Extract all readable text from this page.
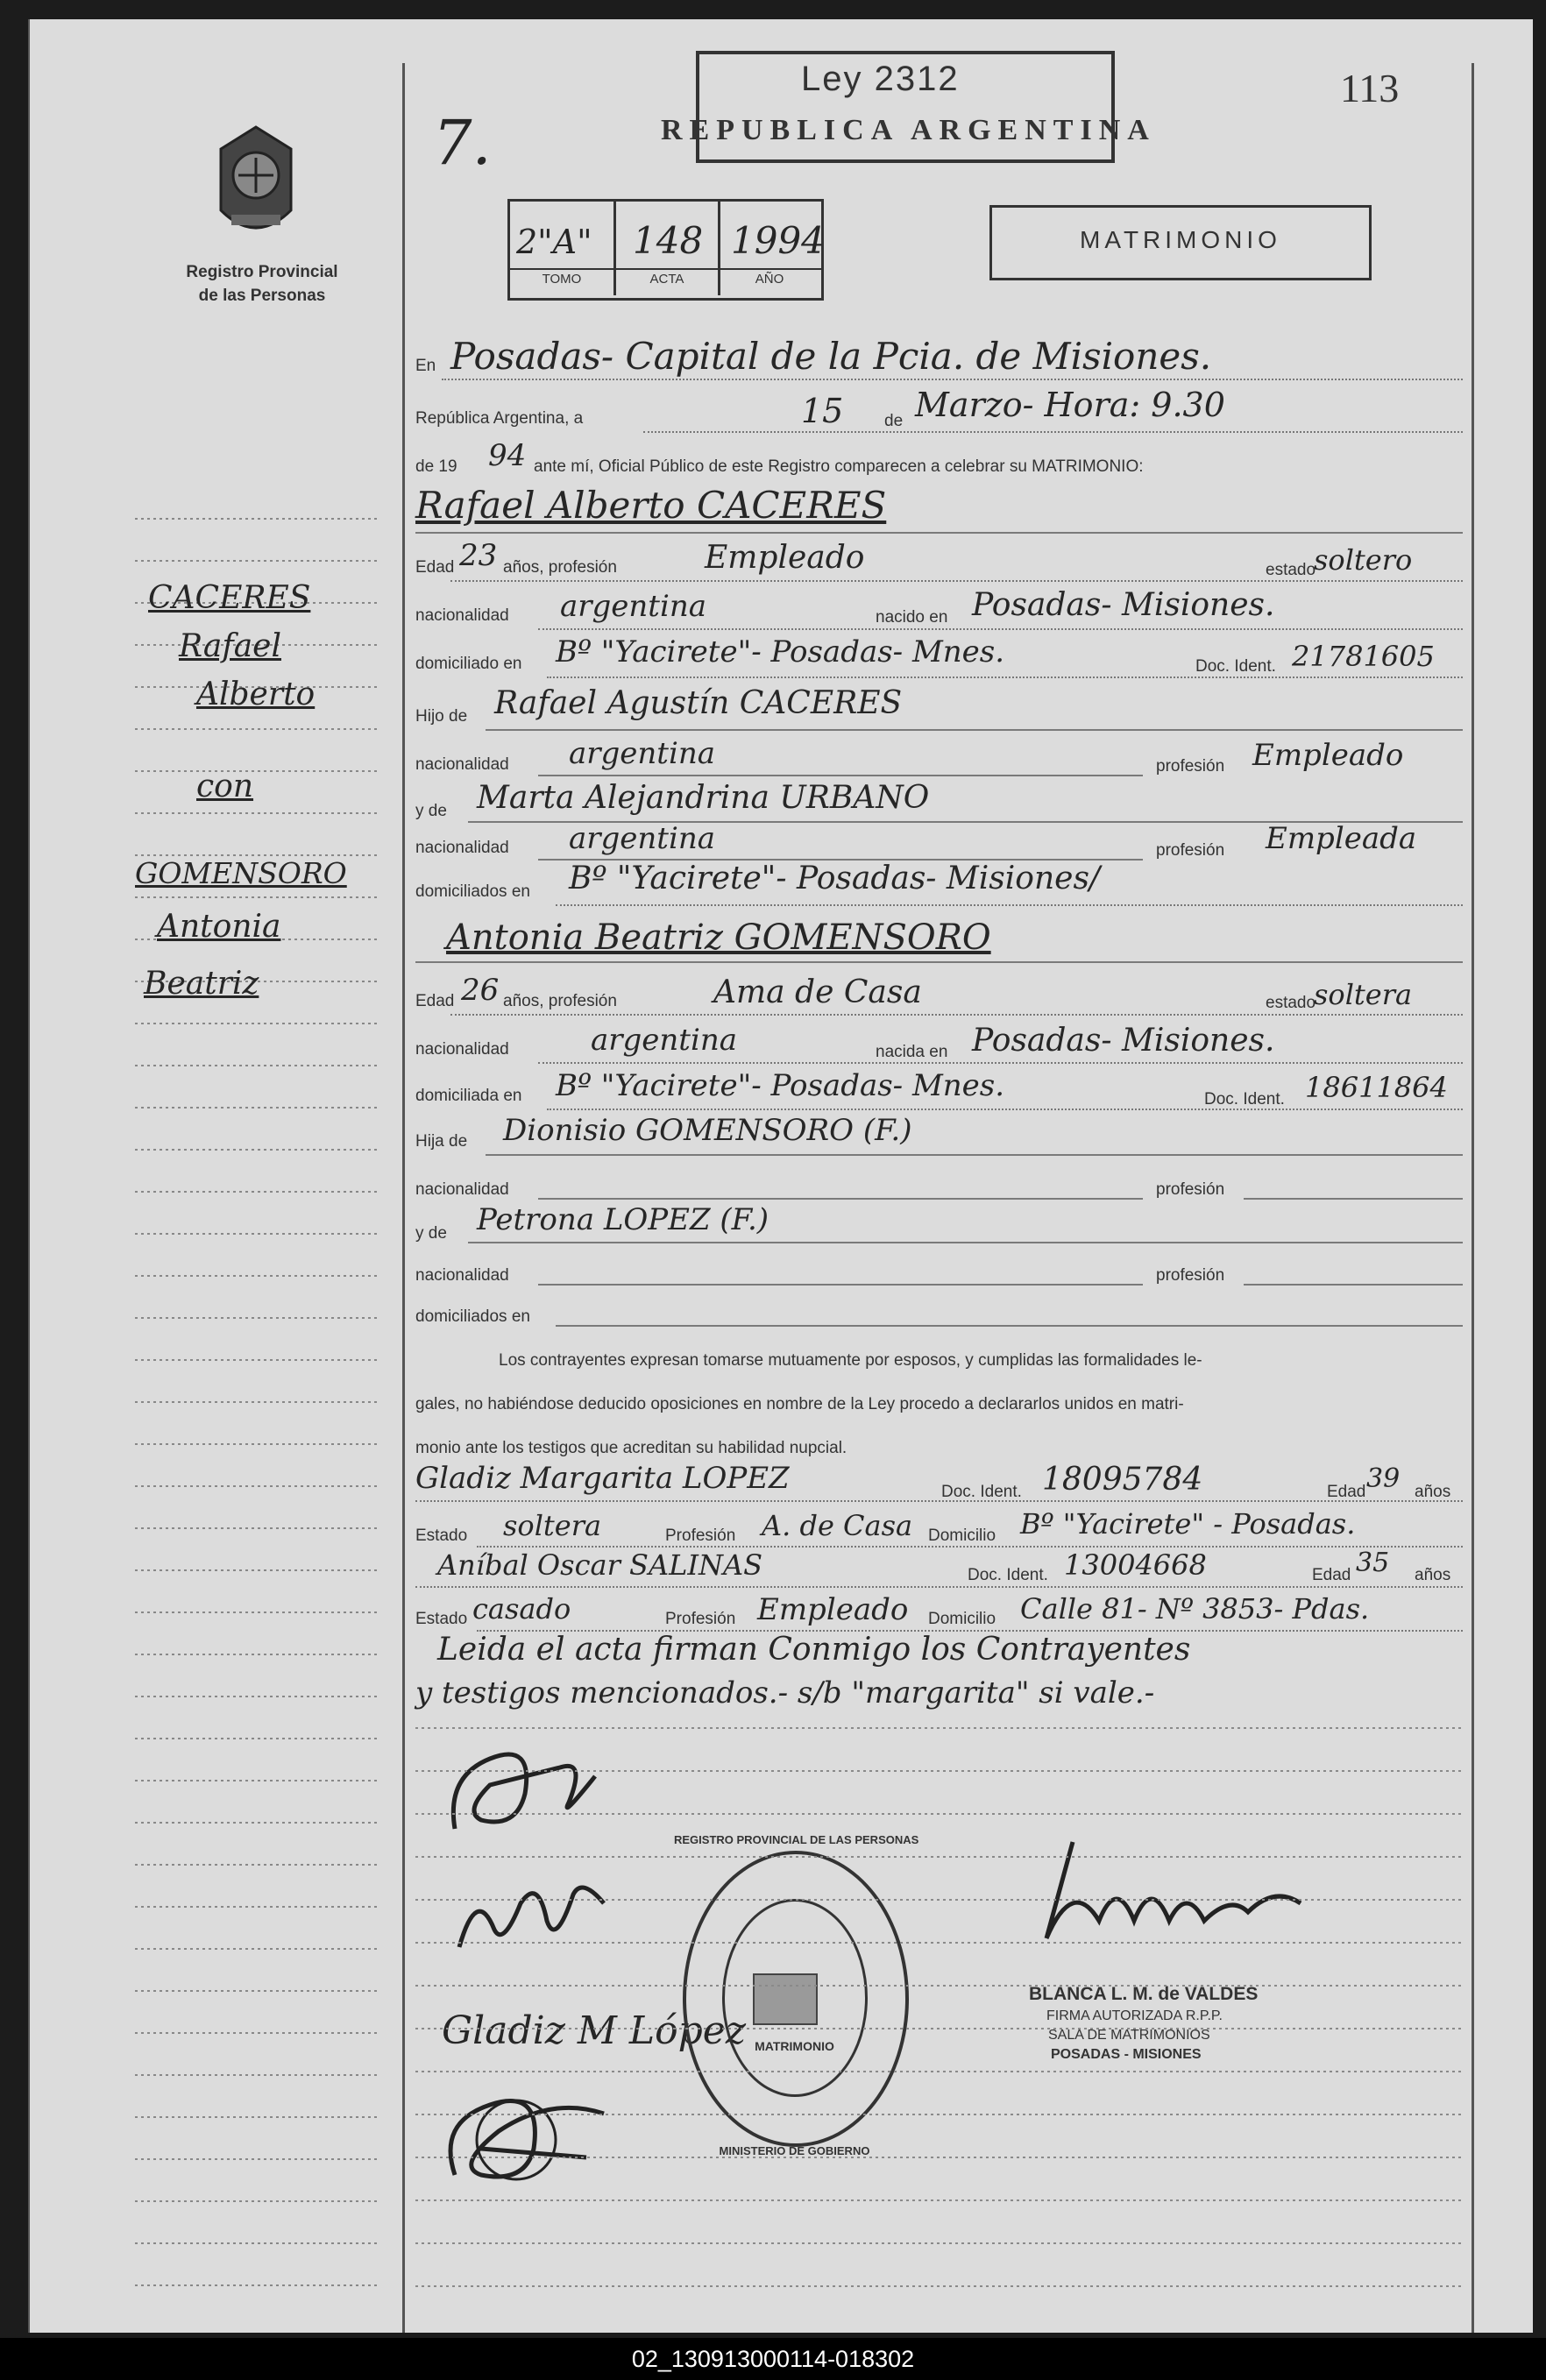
Registro Provincial
de las Personas
CACERES
Rafael
Alberto
con
GOMENSORO
Antonia
Beatriz
7.
Ley 2312
REPUBLICA ARGENTINA
113
MATRIMONIO
2"A" 148 1994
TOMO	ACTA	AÑO
En Posadas- Capital de la Pcia. de Misiones.
República Argentina, a	15 de Marzo- Hora: 9.30
de 19 94 ante mí, Oficial Público de este Registro comparecen a celebrar su MATRIMONIO:
Rafael Alberto CACERES
Edad 23 años, profesión	Empleado	estado
soltero
nacionalidad argentina	nacido en Posadas- Misiones.
domiciliado en Bº "Yacirete"- Posadas- Mnes.	Doc. Ident. 21781605
Hijo de Rafael Agustín CACERES
nacionalidad argentina	profesión Empleado
y de Marta Alejandrina URBANO
nacionalidad argentina	profesión Empleada
domiciliados en Bº "Yacirete"- Posadas- Misiones/
Antonia Beatriz GOMENSORO
Edad 26 años, profesión	Ama de Casa	estado
soltera
nacionalidad	argentina	nacida en Posadas- Misiones.
domiciliada en Bº "Yacirete"- Posadas- Mnes.	Doc. Ident. 18611864
Hija de Dionisio GOMENSORO (F.)
nacionalidad	profesión
y de Petrona LOPEZ (F.)
nacionalidad	profesión
domiciliados en
Los contrayentes expresan tomarse mutuamente por esposos, y cumplidas las formalidades le-
gales, no habiéndose deducido oposiciones en nombre de la Ley procedo a declararlos unidos en matri-
monio ante los testigos que acreditan su habilidad nupcial.
Gladiz Margarita LOPEZ	Doc. Ident. 18095784	Edad 39 años
Estado soltera	Profesión A. de Casa Domicilio Bº "Yacirete" - Posadas.
Aníbal Oscar SALINAS	Doc. Ident. 13004668	Edad 35 años
Estado casado	Profesión Empleado Domicilio Calle 81- Nº 3853- Pdas.
Leida el acta firman Conmigo los Contrayentes
y testigos mencionados.- s/b "margarita" si vale.-
Gladiz M López
REGISTRO PROVINCIAL DE LAS PERSONAS
MATRIMONIO
MINISTERIO DE GOBIERNO
BLANCA L. M. de VALDES
FIRMA AUTORIZADA R.P.P.
SALA DE MATRIMONIOS
POSADAS - MISIONES
02_130913000114-018302
